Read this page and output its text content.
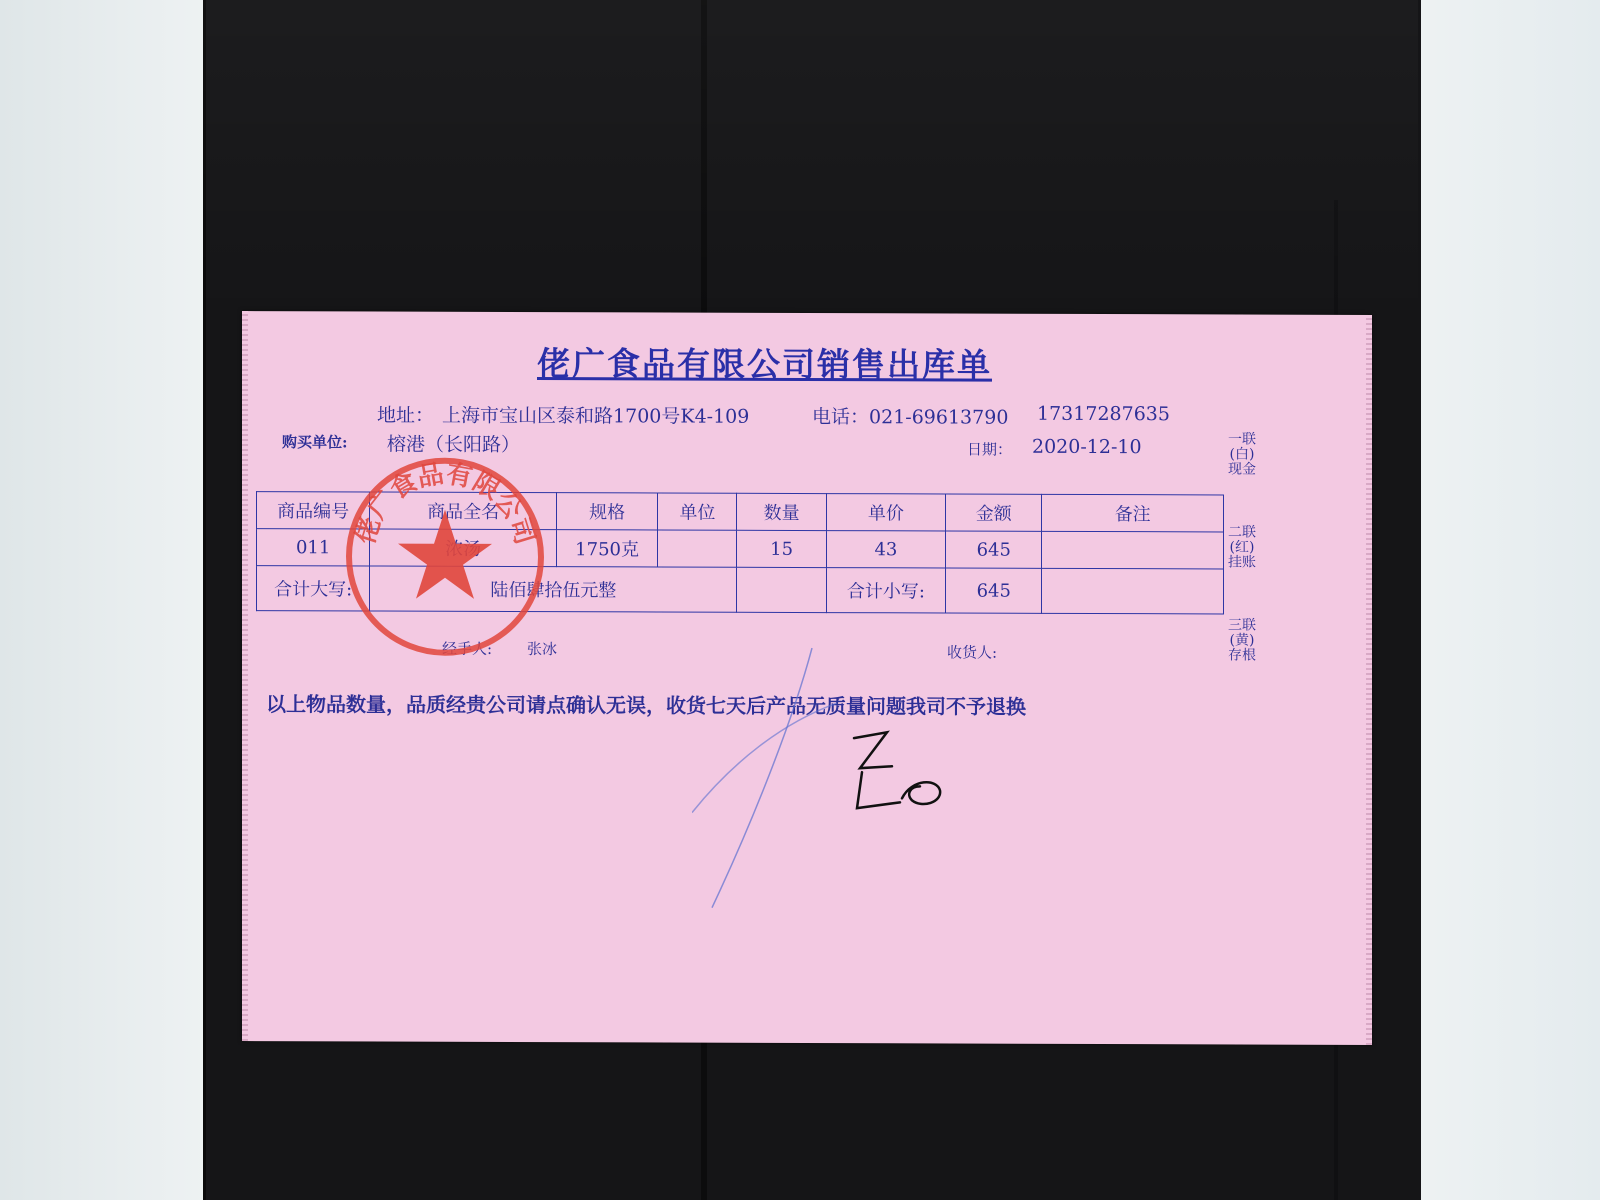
佬广食品有限公司销售出库单
地址： 上海市宝山区泰和路1700号K4-109	电话：021-69613790 17317287635
购买单位: 榕港（长阳路）	日期： 2020-12-10
商品编号	商品全名	规格	单位	数量	单价	金额	备注
011		1750克		15	43	645	
合计大写:	陆佰肆拾伍元整				合计小写:	645	
经手人: 张冰	收货人:
以上物品数量，品质经贵公司请点确认无误，收货七天后产品无质量问题我司不予退换
一联
(白)
现金
二联
(红)
挂账
三联
(黄)
存根
佬广食品有限公司
